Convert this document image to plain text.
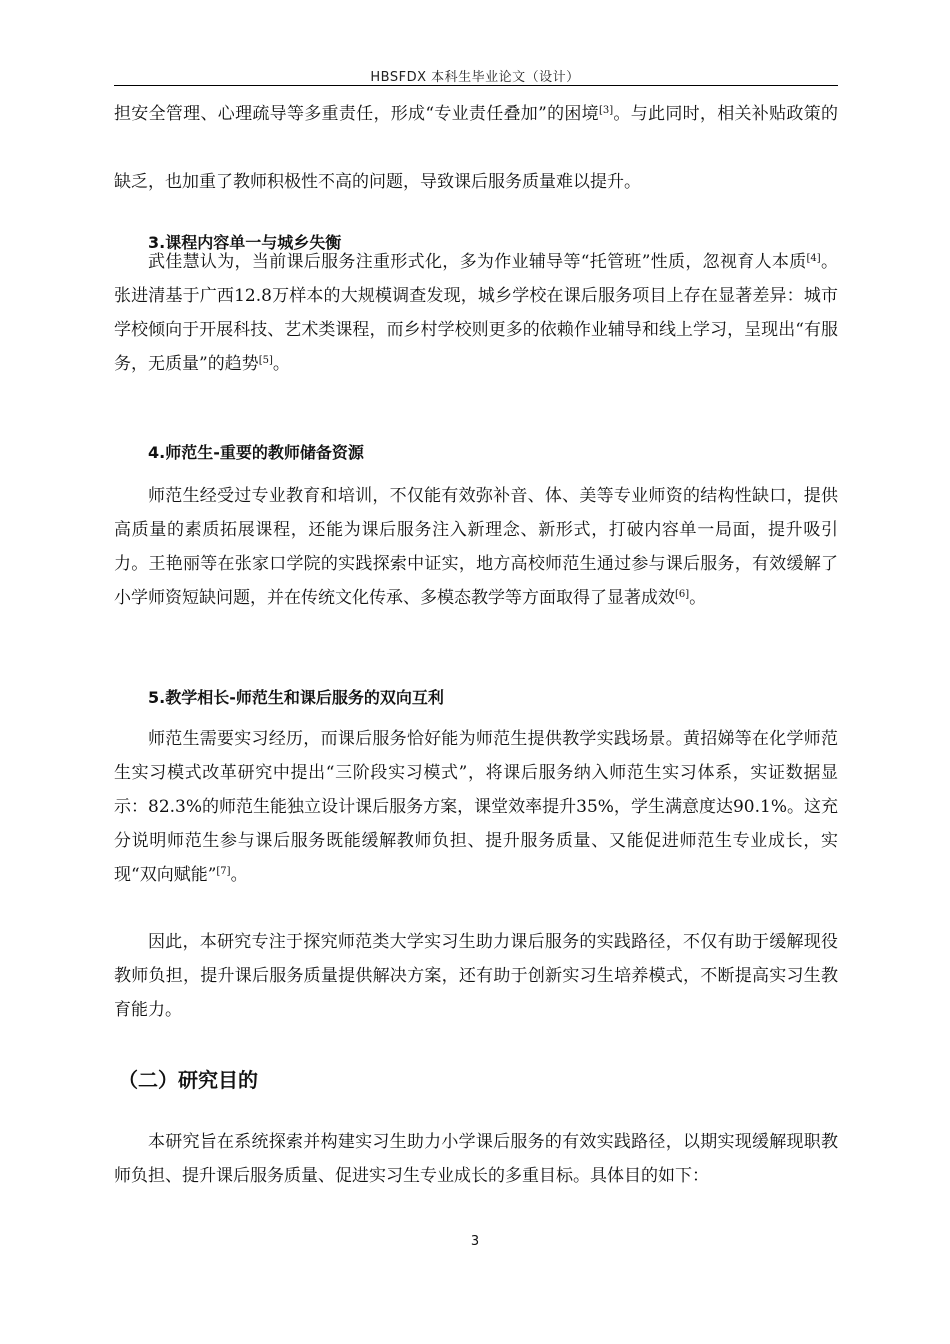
HBSFDX 本科生毕业论文（设计）

担安全管理、心理疏导等多重责任，形成“专业责任叠加”的困境[3]。与此同时，相关补贴政策的缺乏，也加重了教师积极性不高的问题，导致课后服务质量难以提升。

3.课程内容单一与城乡失衡

武佳慧认为，当前课后服务注重形式化，多为作业辅导等“托管班”性质，忽视育人本质[4]。张进清基于广西12.8万样本的大规模调查发现，城乡学校在课后服务项目上存在显著差异：城市学校倾向于开展科技、艺术类课程，而乡村学校则更多的依赖作业辅导和线上学习，呈现出“有服务，无质量”的趋势[5]。

4.师范生-重要的教师储备资源

师范生经受过专业教育和培训，不仅能有效弥补音、体、美等专业师资的结构性缺口，提供高质量的素质拓展课程，还能为课后服务注入新理念、新形式，打破内容单一局面，提升吸引力。王艳丽等在张家口学院的实践探索中证实，地方高校师范生通过参与课后服务，有效缓解了小学师资短缺问题，并在传统文化传承、多模态教学等方面取得了显著成效[6]。

5.教学相长-师范生和课后服务的双向互利

师范生需要实习经历，而课后服务恰好能为师范生提供教学实践场景。黄招娣等在化学师范生实习模式改革研究中提出“三阶段实习模式”，将课后服务纳入师范生实习体系，实证数据显示：82.3%的师范生能独立设计课后服务方案，课堂效率提升35%，学生满意度达90.1%。这充分说明师范生参与课后服务既能缓解教师负担、提升服务质量、又能促进师范生专业成长，实现“双向赋能”[7]。

因此，本研究专注于探究师范类大学实习生助力课后服务的实践路径，不仅有助于缓解现役教师负担，提升课后服务质量提供解决方案，还有助于创新实习生培养模式，不断提高实习生教育能力。

（二）研究目的

本研究旨在系统探索并构建实习生助力小学课后服务的有效实践路径，以期实现缓解现职教师负担、提升课后服务质量、促进实习生专业成长的多重目标。具体目的如下：

3
